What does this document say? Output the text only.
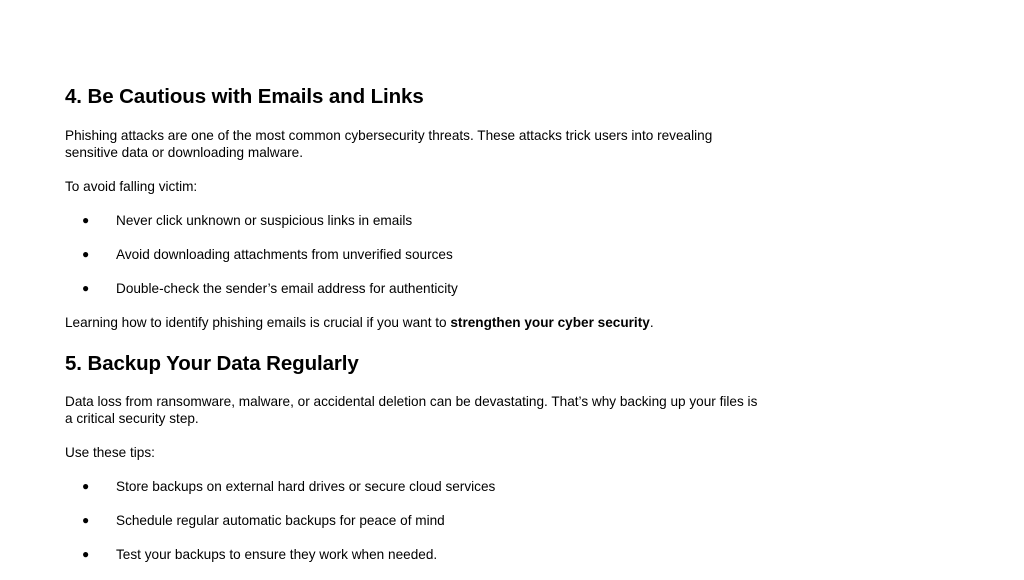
4. Be Cautious with Emails and Links

Phishing attacks are one of the most common cybersecurity threats. These attacks trick users into revealing sensitive data or downloading malware.

To avoid falling victim:

● Never click unknown or suspicious links in emails
● Avoid downloading attachments from unverified sources
● Double-check the sender’s email address for authenticity

Learning how to identify phishing emails is crucial if you want to strengthen your cyber security.

5. Backup Your Data Regularly

Data loss from ransomware, malware, or accidental deletion can be devastating. That’s why backing up your files is a critical security step.

Use these tips:

● Store backups on external hard drives or secure cloud services
● Schedule regular automatic backups for peace of mind
● Test your backups to ensure they work when needed.
